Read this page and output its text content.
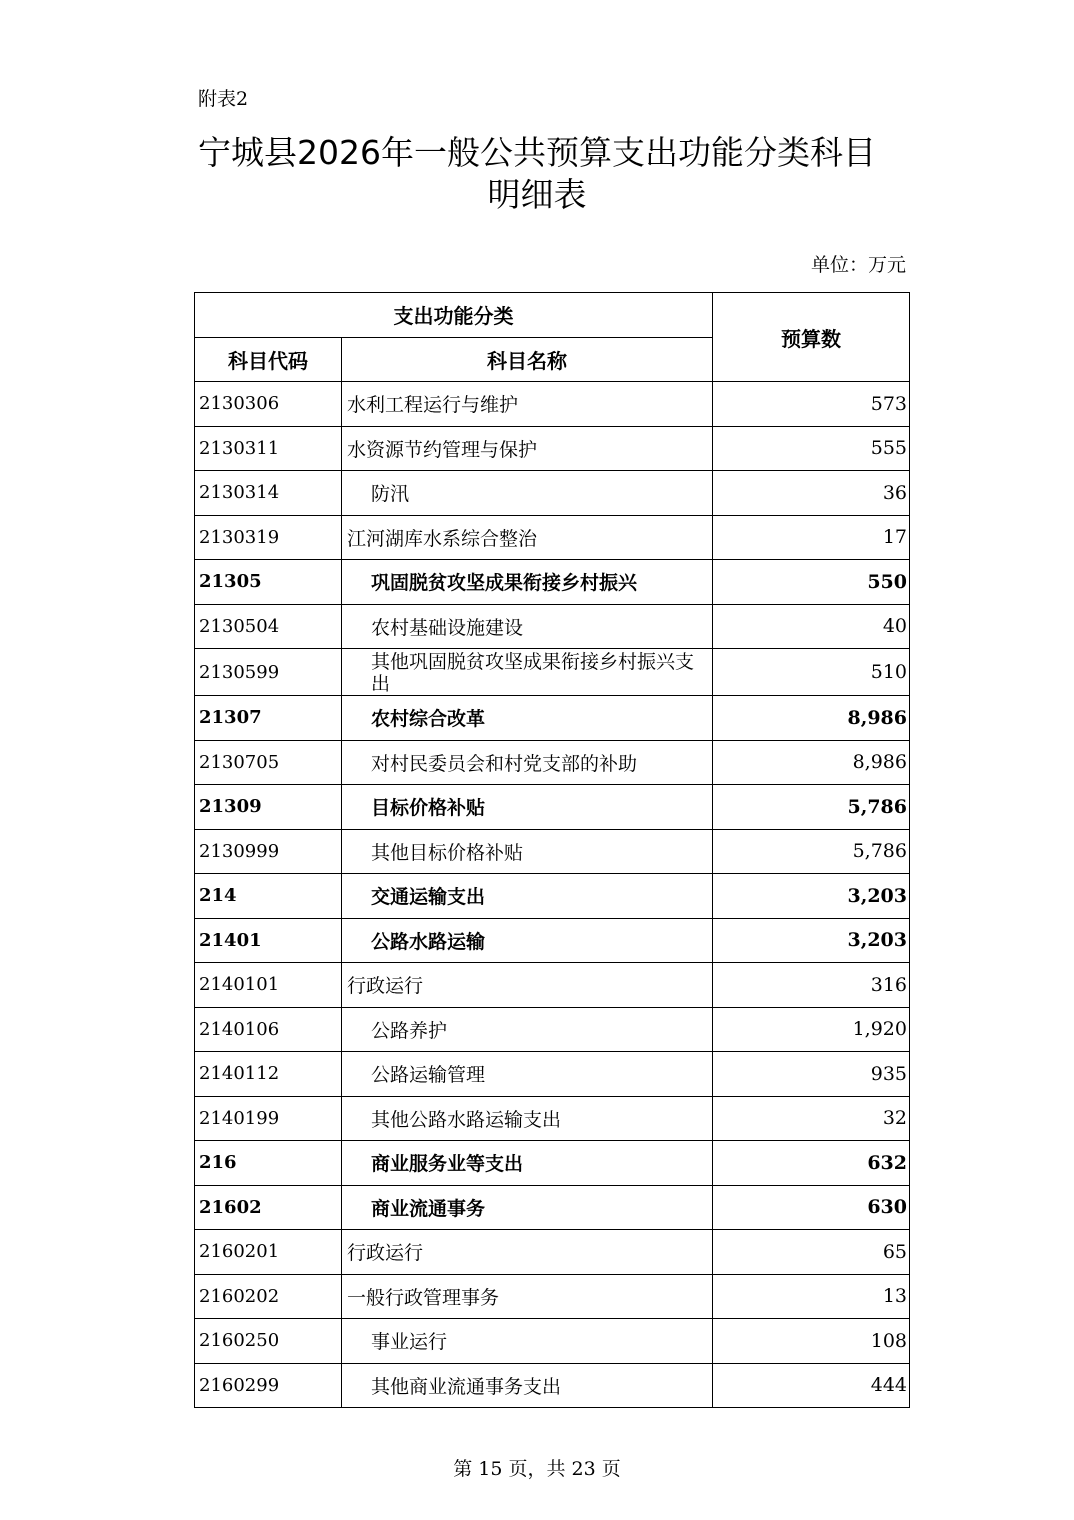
附表2
宁城县2026年一般公共预算支出功能分类科目
明细表
单位：万元
支出功能分类		预算数
科目代码	科目名称	
2130306	水利工程运行与维护	573
2130311	水资源节约管理与保护	555
2130314	防汛	36
2130319	江河湖库水系综合整治	17
21305	巩固脱贫攻坚成果衔接乡村振兴	550
2130504	农村基础设施建设	40
2130599	其他巩固脱贫攻坚成果衔接乡村振兴支出	510
21307	农村综合改革	8,986
2130705	对村民委员会和村党支部的补助	8,986
21309	目标价格补贴	5,786
2130999	其他目标价格补贴	5,786
214	交通运输支出	3,203
21401	公路水路运输	3,203
2140101	行政运行	316
2140106	公路养护	1,920
2140112	公路运输管理	935
2140199	其他公路水路运输支出	32
216	商业服务业等支出	632
21602	商业流通事务	630
2160201	行政运行	65
2160202	一般行政管理事务	13
2160250	事业运行	108
2160299	其他商业流通事务支出	444
第 15 页，共 23 页
